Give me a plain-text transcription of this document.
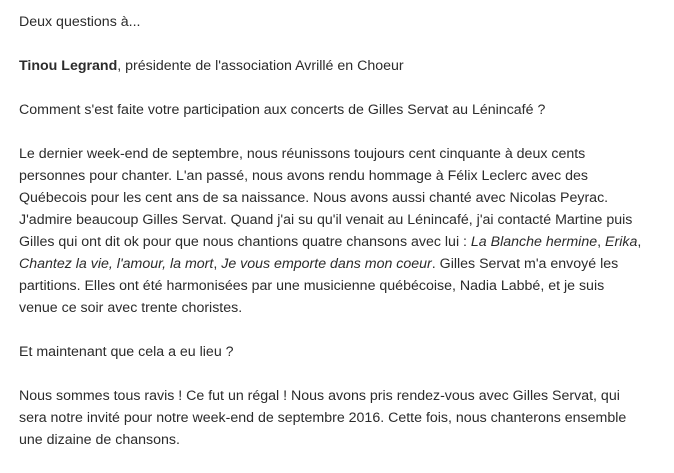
Deux questions à...

Tinou Legrand, présidente de l'association Avrillé en Choeur

Comment s'est faite votre participation aux concerts de Gilles Servat au Lénincafé ?

Le dernier week-end de septembre, nous réunissons toujours cent cinquante à deux cents
personnes pour chanter. L'an passé, nous avons rendu hommage à Félix Leclerc avec des
Québecois pour les cent ans de sa naissance. Nous avons aussi chanté avec Nicolas Peyrac.
J'admire beaucoup Gilles Servat. Quand j'ai su qu'il venait au Lénincafé, j'ai contacté Martine puis
Gilles qui ont dit ok pour que nous chantions quatre chansons avec lui : La Blanche hermine, Erika,
Chantez la vie, l'amour, la mort, Je vous emporte dans mon coeur. Gilles Servat m'a envoyé les
partitions. Elles ont été harmonisées par une musicienne québécoise, Nadia Labbé, et je suis
venue ce soir avec trente choristes.

Et maintenant que cela a eu lieu ?

Nous sommes tous ravis ! Ce fut un régal ! Nous avons pris rendez-vous avec Gilles Servat, qui
sera notre invité pour notre week-end de septembre 2016. Cette fois, nous chanterons ensemble
une dizaine de chansons.
